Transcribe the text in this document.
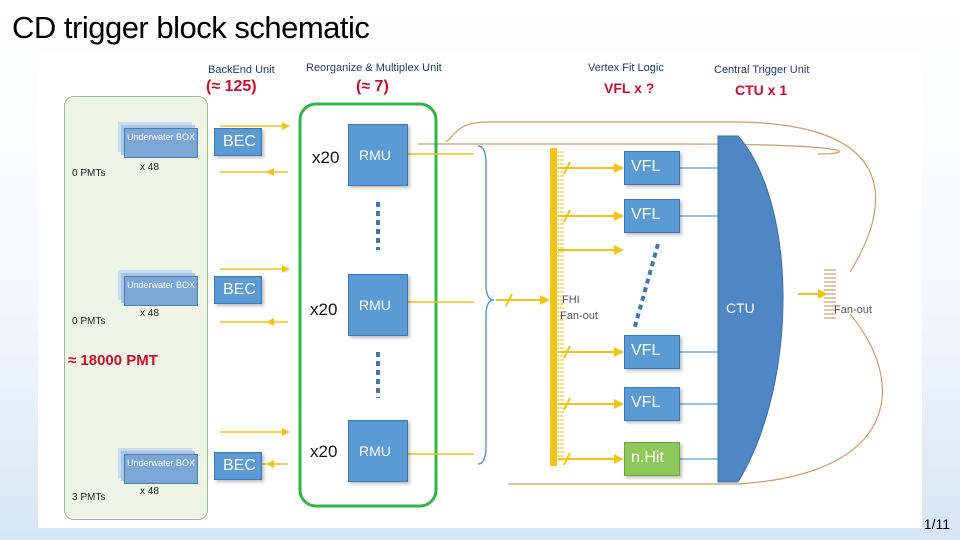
CD trigger block schematic
BackEnd Unit
(≈ 125)
Reorganize & Multiplex Unit
(≈ 7)
Vertex Fit Logic
VFL x ?
Central Trigger Unit
CTU x 1
Underwater BOX
x 48
0 PMTs
Underwater BOX
x 48
0 PMTs
≈ 18000 PMT
Underwater BOX
x 48
3 PMTs
BEC
BEC
BEC
x20	RMU
x20	RMU
x20	RMU
FHI
Fan-out
VFL
VFL
VFL
VFL
n.Hit
CTU	Fan-out
1/11
